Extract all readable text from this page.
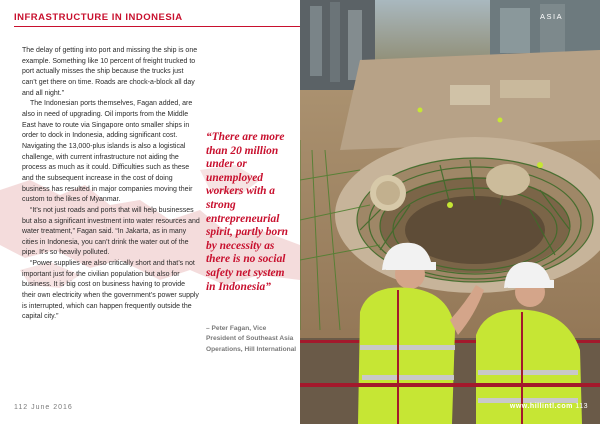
INFRASTRUCTURE IN INDONESIA

The delay of getting into port and missing the ship is one example. Something like 10 percent of freight trucked to port actually misses the ship because the trucks just can’t get there on time. Roads are chock-a-block all day and all night.”

The Indonesian ports themselves, Fagan added, are also in need of upgrading. Oil imports from the Middle East have to route via Singapore onto smaller ships in order to dock in Indonesia, adding significant cost. Navigating the 13,000-plus islands is also a logistical challenge, with current infrastructure not aiding the process as much as it could. Difficulties such as these and the subsequent increase in the cost of doing business has resulted in major companies moving their custom to the likes of Myanmar.

“It’s not just roads and ports that will help businesses but also a significant investment into water resources and water treatment,” Fagan said. “In Jakarta, as in many cities in Indonesia, you can’t drink the water out of the pipe. It’s so heavily polluted.

“Power supplies are also critically short and that’s not important just for the civilian population but also for business. It is big cost on business having to provide their own electricity when the government’s power supply is interrupted, which can happen frequently outside the capital city.”

“There are more than 20 million under or unemployed workers with a strong entrepreneurial spirit, partly born by necessity as there is no social safety net system in Indonesia”
– Peter Fagan, Vice President of Southeast Asia Operations, Hill International
112 June 2016
ASIA
www.hillintl.com 113
